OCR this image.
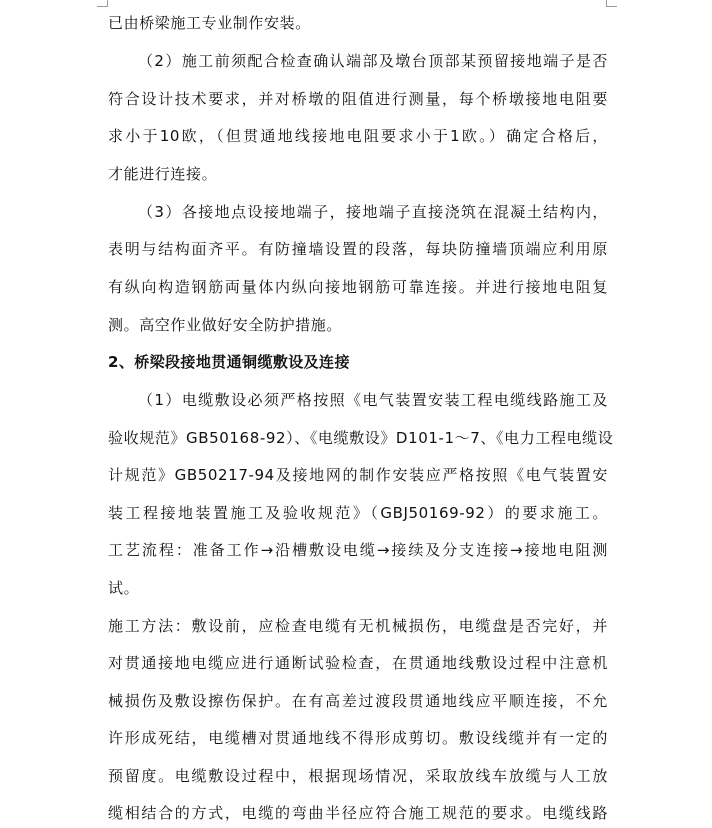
已由桥梁施工专业制作安装。
（2）施工前须配合检查确认端部及墩台顶部某预留接地端子是否
符合设计技术要求，并对桥墩的阻值进行测量，每个桥墩接地电阻要
求小于10欧，（但贯通地线接地电阻要求小于1欧。）确定合格后，
才能进行连接。
（3）各接地点设接地端子，接地端子直接浇筑在混凝土结构内，
表明与结构面齐平。有防撞墙设置的段落，每块防撞墙顶端应利用原
有纵向构造钢筋両量体内纵向接地钢筋可靠连接。并进行接地电阻复
测。高空作业做好安全防护措施。
2、桥梁段接地贯通铜缆敷设及连接
（1）电缆敷设必须严格按照《电气装置安装工程电缆线路施工及
验收规范》GB50168-92）、《电缆敷设》D101-1～7、《电力工程电缆设
计规范》GB50217-94及接地网的制作安装应严格按照《电气装置安
装工程接地装置施工及验收规范》（GBJ50169-92）的要求施工。
工艺流程：准备工作→沿槽敷设电缆→接续及分支连接→接地电阻测
试。
施工方法：敷设前，应检查电缆有无机械损伤，电缆盘是否完好，并
对贯通接地电缆应进行通断试验检查，在贯通地线敷设过程中注意机
械损伤及敷设擦伤保护。在有高差过渡段贯通地线应平顺连接，不允
许形成死结，电缆槽对贯通地线不得形成剪切。敷设线缆并有一定的
预留度。电缆敷设过程中，根据现场情况，采取放线车放缆与人工放
缆相结合的方式，电缆的弯曲半径应符合施工规范的要求。电缆线路
